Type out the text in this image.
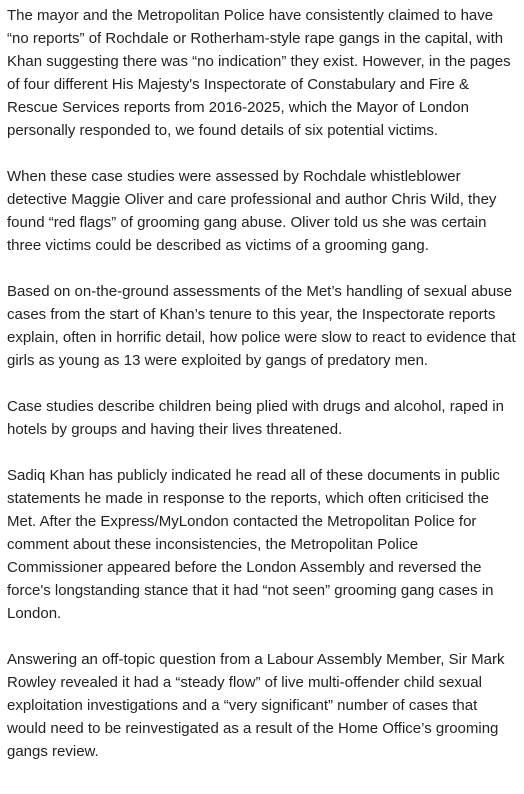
The mayor and the Metropolitan Police have consistently claimed to have “no reports” of Rochdale or Rotherham-style rape gangs in the capital, with Khan suggesting there was “no indication” they exist. However, in the pages of four different His Majesty's Inspectorate of Constabulary and Fire & Rescue Services reports from 2016-2025, which the Mayor of London personally responded to, we found details of six potential victims.

When these case studies were assessed by Rochdale whistleblower detective Maggie Oliver and care professional and author Chris Wild, they found “red flags” of grooming gang abuse. Oliver told us she was certain three victims could be described as victims of a grooming gang.

Based on on-the-ground assessments of the Met’s handling of sexual abuse cases from the start of Khan’s tenure to this year, the Inspectorate reports explain, often in horrific detail, how police were slow to react to evidence that girls as young as 13 were exploited by gangs of predatory men.

Case studies describe children being plied with drugs and alcohol, raped in hotels by groups and having their lives threatened.

Sadiq Khan has publicly indicated he read all of these documents in public statements he made in response to the reports, which often criticised the Met. After the Express/MyLondon contacted the Metropolitan Police for comment about these inconsistencies, the Metropolitan Police Commissioner appeared before the London Assembly and reversed the force's longstanding stance that it had “not seen” grooming gang cases in London.

Answering an off-topic question from a Labour Assembly Member, Sir Mark Rowley revealed it had a “steady flow” of live multi-offender child sexual exploitation investigations and a “very significant” number of cases that would need to be reinvestigated as a result of the Home Office’s grooming gangs review.
